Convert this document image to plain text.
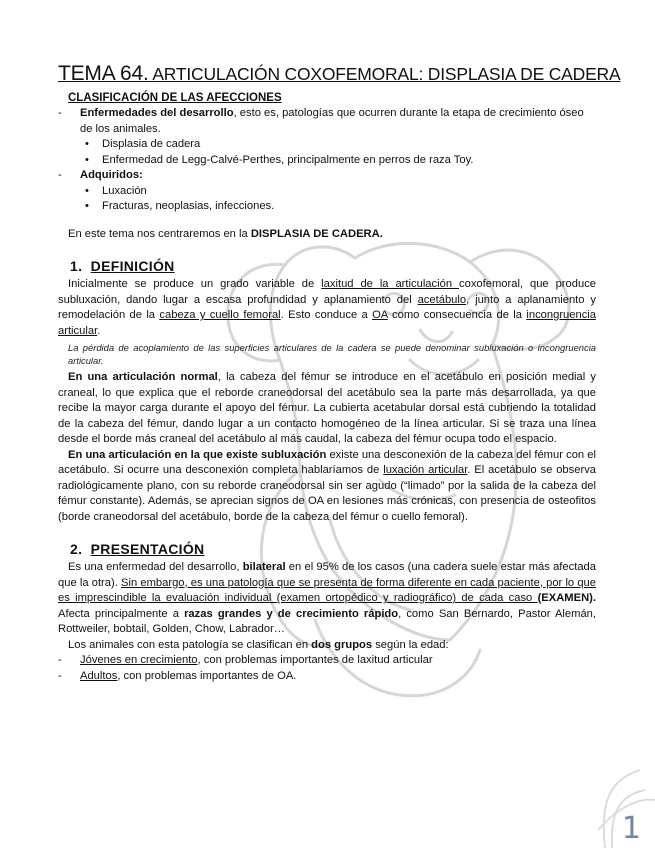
TEMA 64. ARTICULACIÓN COXOFEMORAL: DISPLASIA DE CADERA
CLASIFICACIÓN DE LAS AFECCIONES
- Enfermedades del desarrollo, esto es, patologías que ocurren durante la etapa de crecimiento óseo de los animales.
• Displasia de cadera
• Enfermedad de Legg-Calvé-Perthes, principalmente en perros de raza Toy.
- Adquiridos:
• Luxación
• Fracturas, neoplasias, infecciones.

En este tema nos centraremos en la DISPLASIA DE CADERA.

1. DEFINICIÓN

Inicialmente se produce un grado variable de laxitud de la articulación coxofemoral, que produce subluxación, dando lugar a escasa profundidad y aplanamiento del acetábulo, junto a aplanamiento y remodelación de la cabeza y cuello femoral. Esto conduce a OA como consecuencia de la incongruencia articular.

La pérdida de acoplamiento de las superficies articulares de la cadera se puede denominar subluxación o incongruencia articular.

En una articulación normal, la cabeza del fémur se introduce en el acetábulo en posición medial y craneal, lo que explica que el reborde craneodorsal del acetábulo sea la parte más desarrollada, ya que recibe la mayor carga durante el apoyo del fémur. La cubierta acetabular dorsal está cubriendo la totalidad de la cabeza del fémur, dando lugar a un contacto homogéneo de la línea articular. Si se traza una línea desde el borde más craneal del acetábulo al más caudal, la cabeza del fémur ocupa todo el espacio.

En una articulación en la que existe subluxación existe una desconexión de la cabeza del fémur con el acetábulo. Si ocurre una desconexión completa hablaríamos de luxación articular. El acetábulo se observa radiológicamente plano, con su reborde craneodorsal sin ser agudo (“limado” por la salida de la cabeza del fémur constante). Además, se aprecian signos de OA en lesiones más crónicas, con presencia de osteofitos (borde craneodorsal del acetábulo, borde de la cabeza del fémur o cuello femoral).

2. PRESENTACIÓN

Es una enfermedad del desarrollo, bilateral en el 95% de los casos (una cadera suele estar más afectada que la otra). Sin embargo, es una patología que se presenta de forma diferente en cada paciente, por lo que es imprescindible la evaluación individual (examen ortopédico y radiográfico) de cada caso (EXAMEN). Afecta principalmente a razas grandes y de crecimiento rápido, como San Bernardo, Pastor Alemán, Rottweiler, bobtail, Golden, Chow, Labrador…

Los animales con esta patología se clasifican en dos grupos según la edad:

- Jóvenes en crecimiento, con problemas importantes de laxitud articular
- Adultos, con problemas importantes de OA.
1
